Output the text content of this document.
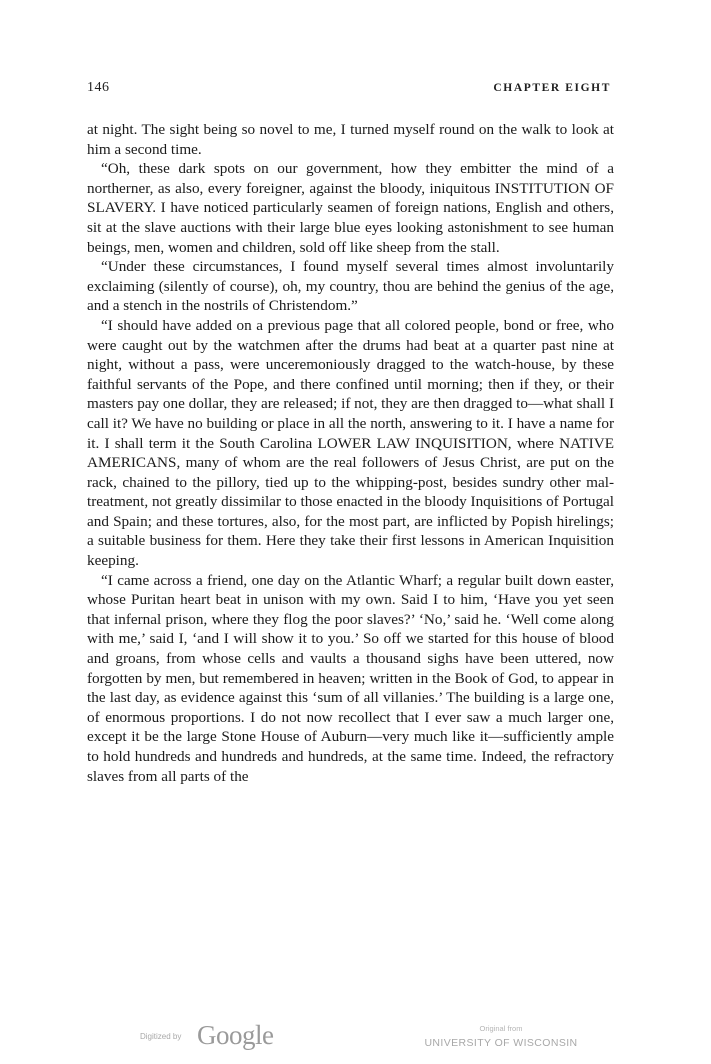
146	CHAPTER EIGHT

at night. The sight being so novel to me, I turned myself round on the walk to look at him a second time.

“Oh, these dark spots on our government, how they embitter the mind of a northerner, as also, every foreigner, against the bloody, iniquitous INSTITUTION OF SLAVERY. I have noticed particularly seamen of foreign nations, English and others, sit at the slave auctions with their large blue eyes looking astonishment to see human beings, men, women and children, sold off like sheep from the stall.

“Under these circumstances, I found myself several times almost involuntarily exclaiming (silently of course), oh, my country, thou are behind the genius of the age, and a stench in the nostrils of Christendom.”

“I should have added on a previous page that all colored people, bond or free, who were caught out by the watchmen after the drums had beat at a quarter past nine at night, without a pass, were unceremoniously dragged to the watch-house, by these faithful servants of the Pope, and there confined until morning; then if they, or their masters pay one dollar, they are released; if not, they are then dragged to—what shall I call it? We have no building or place in all the north, answering to it. I have a name for it. I shall term it the South Carolina LOWER LAW INQUISITION, where NATIVE AMERICANS, many of whom are the real followers of Jesus Christ, are put on the rack, chained to the pillory, tied up to the whipping-post, besides sundry other mal-treatment, not greatly dissimilar to those enacted in the bloody Inquisitions of Portugal and Spain; and these tortures, also, for the most part, are inflicted by Popish hirelings; a suitable business for them. Here they take their first lessons in American Inquisition keeping.

“I came across a friend, one day on the Atlantic Wharf; a regular built down easter, whose Puritan heart beat in unison with my own. Said I to him, ‘Have you yet seen that infernal prison, where they flog the poor slaves?’ ‘No,’ said he. ‘Well come along with me,’ said I, ‘and I will show it to you.’ So off we started for this house of blood and groans, from whose cells and vaults a thousand sighs have been uttered, now forgotten by men, but remembered in heaven; written in the Book of God, to appear in the last day, as evidence against this ‘sum of all villanies.’ The building is a large one, of enormous proportions. I do not now recollect that I ever saw a much larger one, except it be the large Stone House of Auburn—very much like it—sufficiently ample to hold hundreds and hundreds and hundreds, at the same time. Indeed, the refractory slaves from all parts of the

Digitized by Google	Original from
UNIVERSITY OF WISCONSIN
